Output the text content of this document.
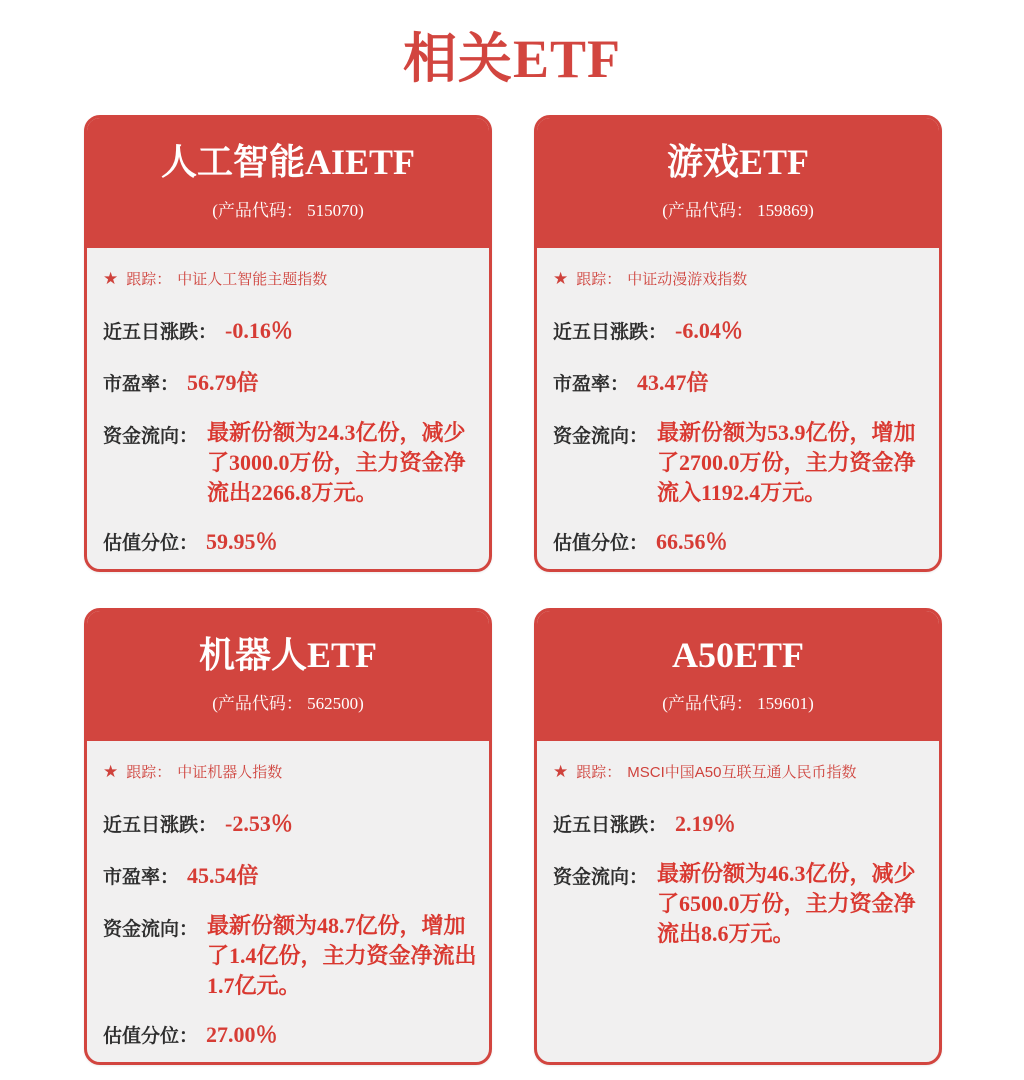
相关ETF
人工智能AIETF
(产品代码： 515070)
★ 跟踪： 中证人工智能主题指数
近五日涨跌： -0.16％
市盈率： 56.79倍
资金流向： 最新份额为24.3亿份，减少了3000.0万份，主力资金净流出2266.8万元。
估值分位： 59.95％
游戏ETF
(产品代码： 159869)
★ 跟踪： 中证动漫游戏指数
近五日涨跌： -6.04％
市盈率： 43.47倍
资金流向： 最新份额为53.9亿份，增加了2700.0万份，主力资金净流入1192.4万元。
估值分位： 66.56％
机器人ETF
(产品代码： 562500)
★ 跟踪： 中证机器人指数
近五日涨跌： -2.53％
市盈率： 45.54倍
资金流向： 最新份额为48.7亿份，增加了1.4亿份，主力资金净流出1.7亿元。
估值分位： 27.00％
A50ETF
(产品代码： 159601)
★ 跟踪： MSCI中国A50互联互通人民币指数
近五日涨跌： 2.19％
资金流向： 最新份额为46.3亿份，减少了6500.0万份，主力资金净流出8.6万元。
